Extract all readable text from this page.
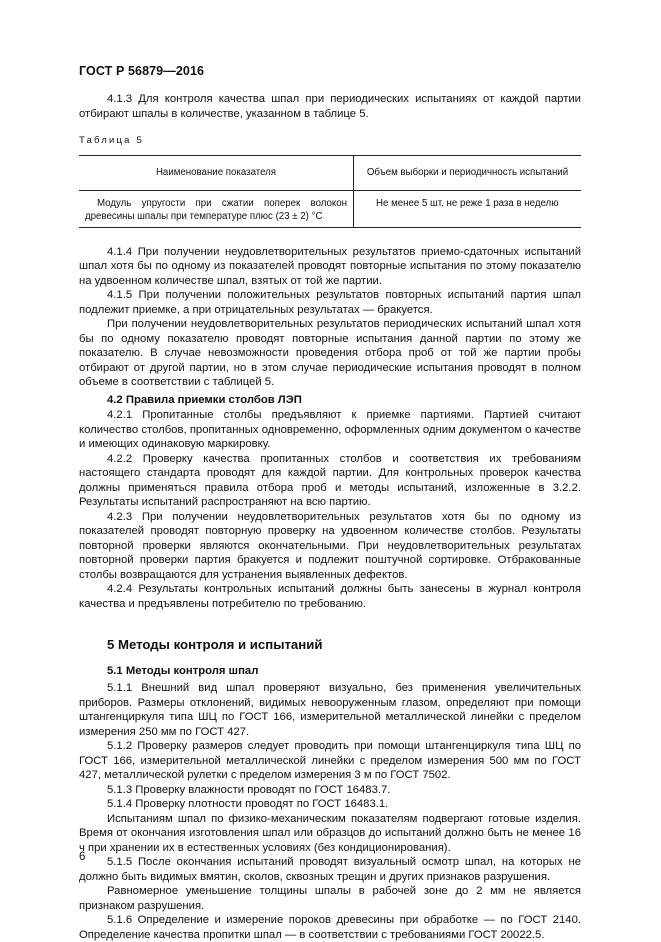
ГОСТ Р 56879—2016

4.1.3 Для контроля качества шпал при периодических испытаниях от каждой партии отбирают шпалы в количестве, указанном в таблице 5.

Таблица 5
Наименование показателя	Объем выборки и периодичность испытаний
Модуль упругости при сжатии поперек волокон древесины шпалы при температуре плюс (23 ± 2) °С	Не менее 5 шт. не реже 1 раза в неделю

4.1.4 При получении неудовлетворительных результатов приемо-сдаточных испытаний шпал хотя бы по одному из показателей проводят повторные испытания по этому показателю на удвоенном количестве шпал, взятых от той же партии.

4.1.5 При получении положительных результатов повторных испытаний партия шпал подлежит приемке, а при отрицательных результатах — бракуется.

При получении неудовлетворительных результатов периодических испытаний шпал хотя бы по одному показателю проводят повторные испытания данной партии по этому же показателю. В случае невозможности проведения отбора проб от той же партии пробы отбирают от другой партии, но в этом случае периодические испытания проводят в полном объеме в соответствии с таблицей 5.

4.2 Правила приемки столбов ЛЭП

4.2.1 Пропитанные столбы предъявляют к приемке партиями. Партией считают количество столбов, пропитанных одновременно, оформленных одним документом о качестве и имеющих одинаковую маркировку.

4.2.2 Проверку качества пропитанных столбов и соответствия их требованиям настоящего стандарта проводят для каждой партии. Для контрольных проверок качества должны применяться правила отбора проб и методы испытаний, изложенные в 3.2.2. Результаты испытаний распространяют на всю партию.

4.2.3 При получении неудовлетворительных результатов хотя бы по одному из показателей проводят повторную проверку на удвоенном количестве столбов. Результаты повторной проверки являются окончательными. При неудовлетворительных результатах повторной проверки партия бракуется и подлежит поштучной сортировке. Отбракованные столбы возвращаются для устранения выявленных дефектов.

4.2.4 Результаты контрольных испытаний должны быть занесены в журнал контроля качества и предъявлены потребителю по требованию.

5 Методы контроля и испытаний
5.1 Методы контроля шпал

5.1.1 Внешний вид шпал проверяют визуально, без применения увеличительных приборов. Размеры отклонений, видимых невооруженным глазом, определяют при помощи штангенциркуля типа ШЦ по ГОСТ 166, измерительной металлической линейки с пределом измерения 250 мм по ГОСТ 427.

5.1.2 Проверку размеров следует проводить при помощи штангенциркуля типа ШЦ по ГОСТ 166, измерительной металлической линейки с пределом измерения 500 мм по ГОСТ 427, металлической рулетки с пределом измерения 3 м по ГОСТ 7502.

5.1.3 Проверку влажности проводят по ГОСТ 16483.7.

5.1.4 Проверку плотности проводят по ГОСТ 16483.1.

Испытаниям шпал по физико-механическим показателям подвергают готовые изделия. Время от окончания изготовления шпал или образцов до испытаний должно быть не менее 16 ч при хранении их в естественных условиях (без кондиционирования).

5.1.5 После окончания испытаний проводят визуальный осмотр шпал, на которых не должно быть видимых вмятин, сколов, сквозных трещин и других признаков разрушения.

Равномерное уменьшение толщины шпалы в рабочей зоне до 2 мм не является признаком разрушения.

5.1.6 Определение и измерение пороков древесины при обработке — по ГОСТ 2140. Определение качества пропитки шпал — в соответствии с требованиями ГОСТ 20022.5.

6
